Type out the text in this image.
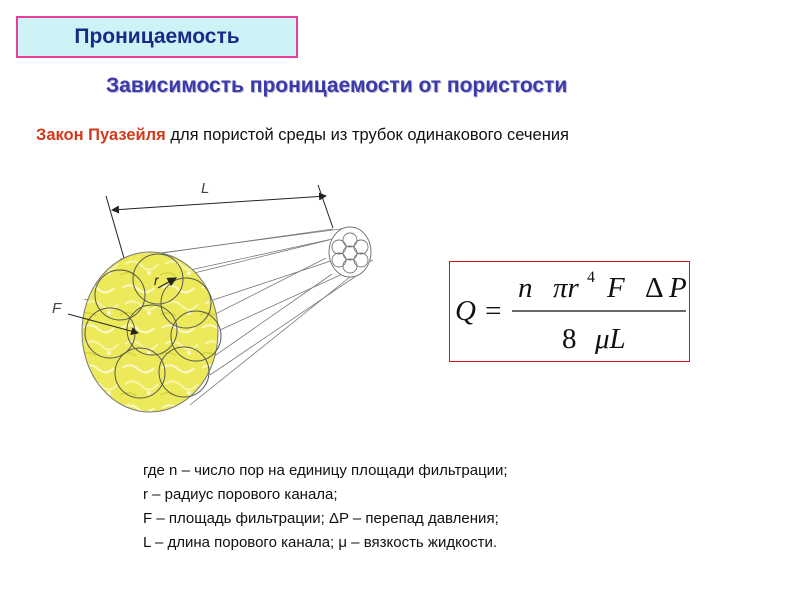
Проницаемость
Зависимость проницаемости от пористости
Закон Пуазейля для пористой среды из трубок одинакового сечения
L
r
F	Q =
n πr 4 F Δ P
8 μL
где n – число пор на единицу площади фильтрации;
r – радиус порового канала;
F – площадь фильтрации; ΔP – перепад давления;
L – длина порового канала; μ – вязкость жидкости.
